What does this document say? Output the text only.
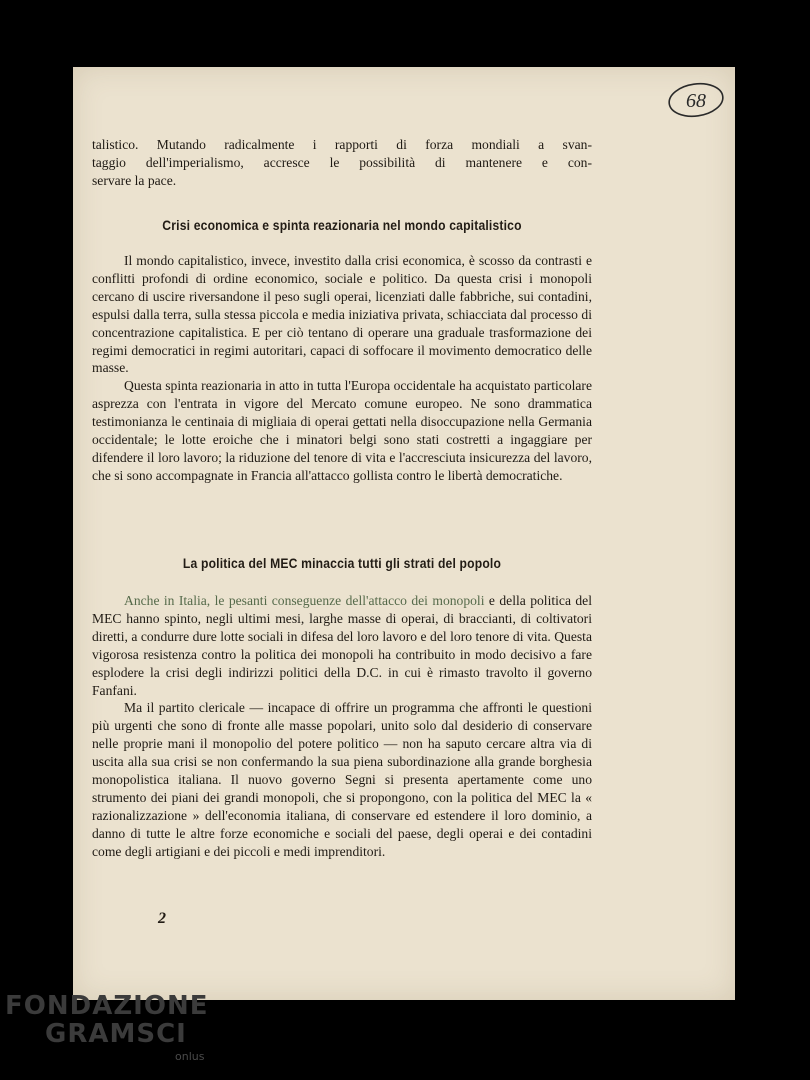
68

talistico. Mutando radicalmente i rapporti di forza mondiali a svan-

taggio dell'imperialismo, accresce le possibilità di mantenere e con-

servare la pace.

Crisi economica e spinta reazionaria nel mondo capitalistico

Il mondo capitalistico, invece, investito dalla crisi economica, è scosso da contrasti e conflitti profondi di ordine economico, sociale e politico. Da questa crisi i monopoli cercano di uscire riversandone il peso sugli operai, licenziati dalle fabbriche, sui contadini, espulsi dalla terra, sulla stessa piccola e media iniziativa privata, schiacciata dal processo di concentrazione capitalistica. E per ciò tentano di operare una graduale trasformazione dei regimi democratici in regimi autoritari, capaci di soffocare il movimento democratico delle masse.

Questa spinta reazionaria in atto in tutta l'Europa occidentale ha acquistato particolare asprezza con l'entrata in vigore del Mercato comune europeo. Ne sono drammatica testimonianza le centinaia di migliaia di operai gettati nella disoccupazione nella Germania occidentale; le lotte eroiche che i minatori belgi sono stati costretti a ingaggiare per difendere il loro lavoro; la riduzione del tenore di vita e l'accresciuta insicurezza del lavoro, che si sono accompagnate in Francia all'attacco gollista contro le libertà democratiche.

La politica del MEC minaccia tutti gli strati del popolo

Anche in Italia, le pesanti conseguenze dell'attacco dei monopoli e della politica del MEC hanno spinto, negli ultimi mesi, larghe masse di operai, di braccianti, di coltivatori diretti, a condurre dure lotte sociali in difesa del loro lavoro e del loro tenore di vita. Questa vigorosa resistenza contro la politica dei monopoli ha contribuito in modo decisivo a fare esplodere la crisi degli indirizzi politici della D.C. in cui è rimasto travolto il governo Fanfani.

Ma il partito clericale — incapace di offrire un programma che affronti le questioni più urgenti che sono di fronte alle masse popolari, unito solo dal desiderio di conservare nelle proprie mani il monopolio del potere politico — non ha saputo cercare altra via di uscita alla sua crisi se non confermando la sua piena subordinazione alla grande borghesia monopolistica italiana. Il nuovo governo Segni si presenta apertamente come uno strumento dei piani dei grandi monopoli, che si propongono, con la politica del MEC la « razionalizzazione » dell'economia italiana, di conservare ed estendere il loro dominio, a danno di tutte le altre forze economiche e sociali del paese, degli operai e dei contadini come degli artigiani e dei piccoli e medi imprenditori.

2
FONDAZIONE
GRAMSCI
onlus
